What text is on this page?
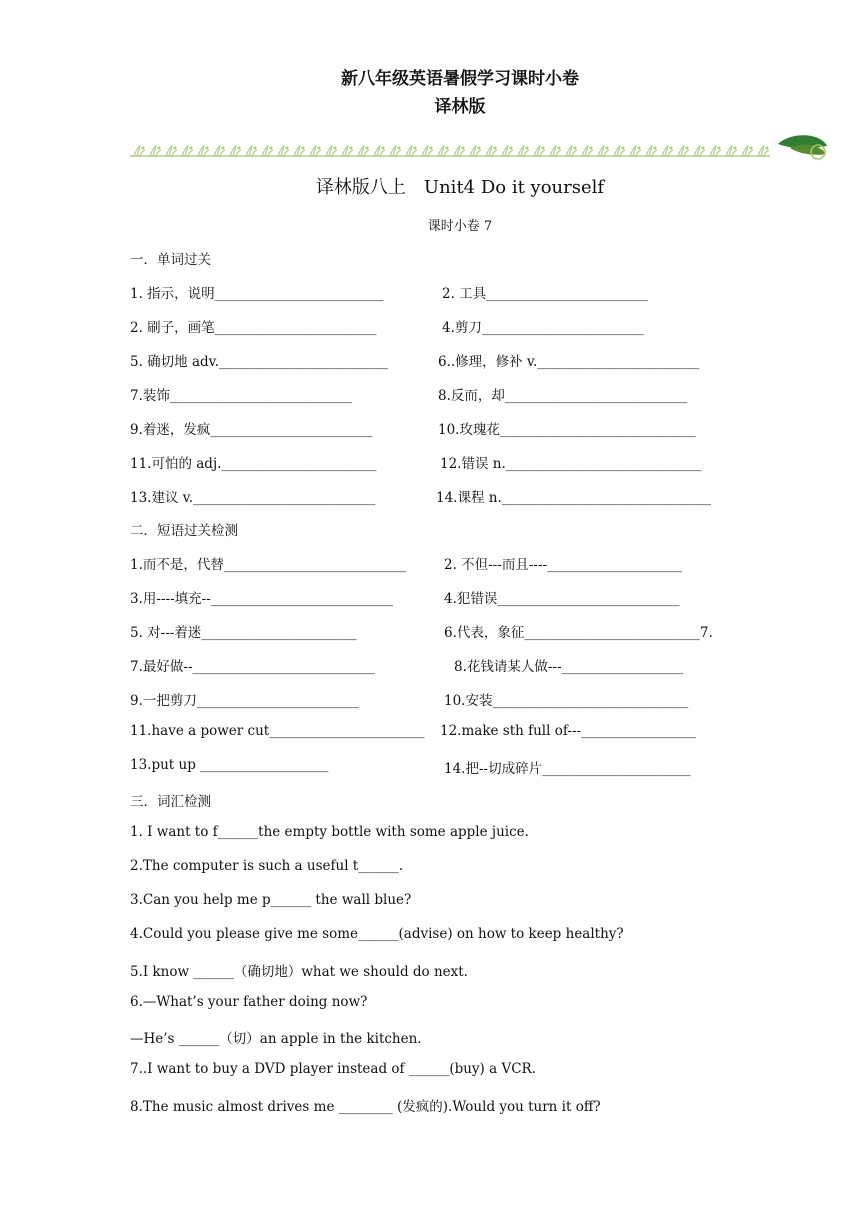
新八年级英语暑假学习课时小卷
译林版
译林版八上　Unit4 Do it yourself
课时小卷 7
一．单词过关
1. 指示，说明_________________________	2. 工具________________________
2. 刷子，画笔________________________	4.剪刀________________________
5. 确切地 adv._________________________	6..修理，修补 v.________________________
7.装饰___________________________	8.反而，却___________________________
9.着迷，发疯________________________	10.玫瑰花_____________________________
11.可怕的 adj._______________________	12.错误 n._____________________________
13.建议 v.___________________________	14.课程 n._______________________________
二．短语过关检测
1.而不是，代替___________________________	2. 不但---而且----____________________
3.用----填充--___________________________	4.犯错误___________________________
5. 对---着迷_______________________	6.代表，象征__________________________7.
7.最好做--___________________________	8.花钱请某人做---__________________
9.一把剪刀________________________	10.安装_____________________________
11.have a power cut_______________________ 12.make sth full of---_________________
13.put up ___________________	14.把--切成碎片______________________
三．词汇检测
1. I want to f______the empty bottle with some apple juice.
2.The computer is such a useful t______.
3.Can you help me p______ the wall blue?
4.Could you please give me some______(advise) on how to keep healthy?
5.I know ______（确切地）what we should do next.
6.—What’s your father doing now?
—He’s ______（切）an apple in the kitchen.
7..I want to buy a DVD player instead of ______(buy) a VCR.
8.The music almost drives me ________ (发疯的).Would you turn it off?
